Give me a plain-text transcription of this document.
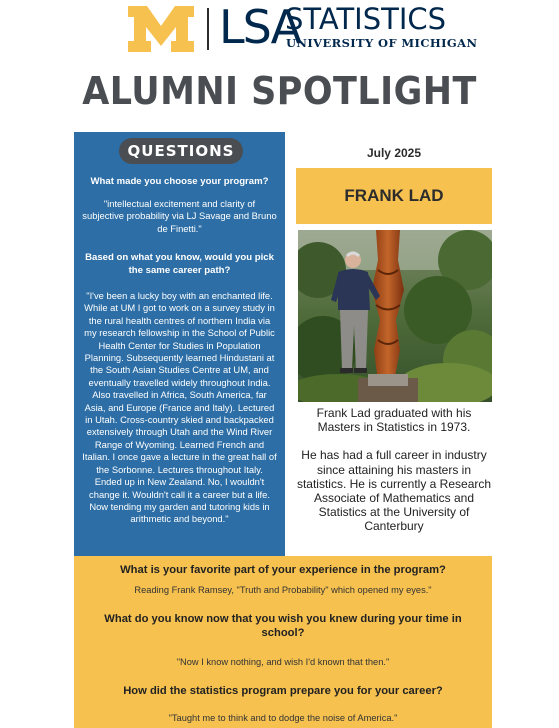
LSA
STATISTICS
UNIVERSITY OF MICHIGAN
ALUMNI SPOTLIGHT
QUESTIONS
What made you choose your program?
"intellectual excitement and clarity of subjective probability via LJ Savage and Bruno de Finetti."
Based on what you know, would you pick the same career path?
"I've been a lucky boy with an enchanted life. While at UM I got to work on a survey study in the rural health centres of northern India via my research fellowship in the School of Public Health Center for Studies in Population Planning. Subsequently learned Hindustani at the South Asian Studies Centre at UM, and eventually travelled widely throughout India. Also travelled in Africa, South America, far Asia, and Europe (France and Italy). Lectured in Utah. Cross-country skied and backpacked extensively through Utah and the Wind River Range of Wyoming. Learned French and Italian. I once gave a lecture in the great hall of the Sorbonne. Lectures throughout Italy. Ended up in New Zealand. No, I wouldn't change it. Wouldn't call it a career but a life. Now tending my garden and tutoring kids in arithmetic and beyond."
July 2025
FRANK LAD
Frank Lad graduated with his Masters in Statistics in 1973.
He has had a full career in industry since attaining his masters in statistics. He is currently a Research Associate of Mathematics and Statistics at the University of Canterbury
What is your favorite part of your experience in the program?
Reading Frank Ramsey, "Truth and Probability" which opened my eyes."
What do you know now that you wish you knew during your time in school?
"Now I know nothing, and wish I'd known that then."
How did the statistics program prepare you for your career?
"Taught me to think and to dodge the noise of America."
